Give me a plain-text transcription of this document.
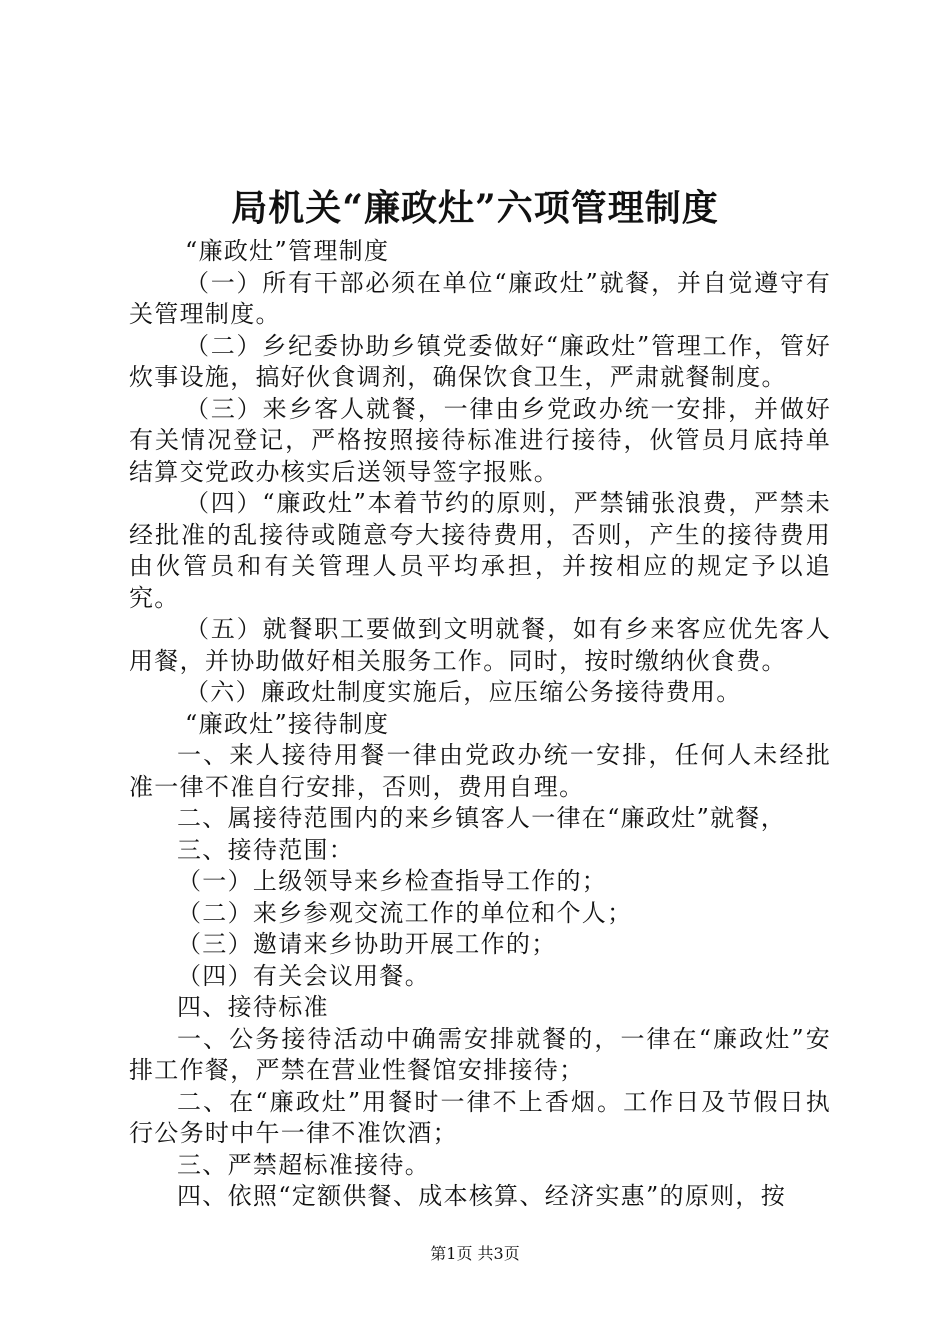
局机关“廉政灶”六项管理制度

“廉政灶”管理制度

（一）所有干部必须在单位“廉政灶”就餐，并自觉遵守有关管理制度。

（二）乡纪委协助乡镇党委做好“廉政灶”管理工作，管好炊事设施，搞好伙食调剂，确保饮食卫生，严肃就餐制度。

（三）来乡客人就餐，一律由乡党政办统一安排，并做好有关情况登记，严格按照接待标准进行接待，伙管员月底持单结算交党政办核实后送领导签字报账。

（四）“廉政灶”本着节约的原则，严禁铺张浪费，严禁未经批准的乱接待或随意夸大接待费用，否则，产生的接待费用由伙管员和有关管理人员平均承担，并按相应的规定予以追究。

（五）就餐职工要做到文明就餐，如有乡来客应优先客人用餐，并协助做好相关服务工作。同时，按时缴纳伙食费。

（六）廉政灶制度实施后，应压缩公务接待费用。

“廉政灶”接待制度

一、来人接待用餐一律由党政办统一安排，任何人未经批准一律不准自行安排，否则，费用自理。

二、属接待范围内的来乡镇客人一律在“廉政灶”就餐，

三、接待范围：

（一）上级领导来乡检查指导工作的；

（二）来乡参观交流工作的单位和个人；

（三）邀请来乡协助开展工作的；

（四）有关会议用餐。

四、接待标准

一、公务接待活动中确需安排就餐的，一律在“廉政灶”安排工作餐，严禁在营业性餐馆安排接待；

二、在“廉政灶”用餐时一律不上香烟。工作日及节假日执行公务时中午一律不准饮酒；

三、严禁超标准接待。

四、依照“定额供餐、成本核算、经济实惠”的原则，按

第1页 共3页
